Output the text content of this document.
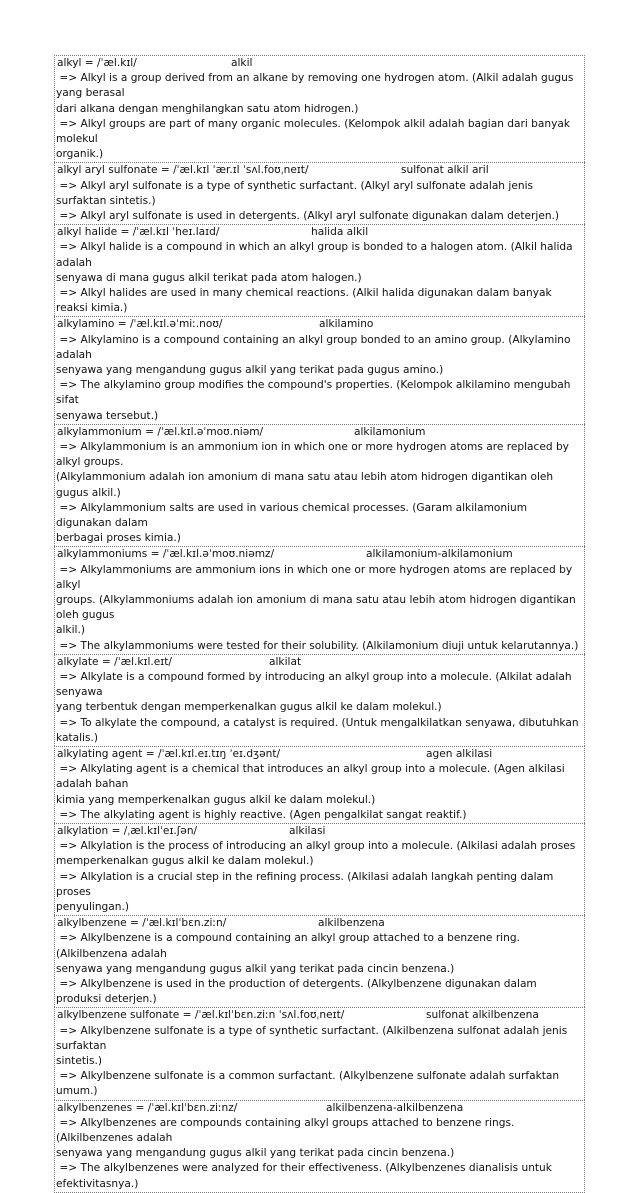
alkyl = /ˈæl.kɪl/	alkil
=> Alkyl is a group derived from an alkane by removing one hydrogen atom. (Alkil adalah gugus yang berasal
dari alkana dengan menghilangkan satu atom hidrogen.)
=> Alkyl groups are part of many organic molecules. (Kelompok alkil adalah bagian dari banyak molekul
organik.)
alkyl aryl sulfonate = /ˈæl.kɪl ˈær.ɪl ˈsʌl.foʊˌneɪt/	sulfonat alkil aril
=> Alkyl aryl sulfonate is a type of synthetic surfactant. (Alkyl aryl sulfonate adalah jenis surfaktan sintetis.)
=> Alkyl aryl sulfonate is used in detergents. (Alkyl aryl sulfonate digunakan dalam deterjen.)
alkyl halide = /ˈæl.kɪl ˈheɪ.laɪd/	halida alkil
=> Alkyl halide is a compound in which an alkyl group is bonded to a halogen atom. (Alkil halida adalah
senyawa di mana gugus alkil terikat pada atom halogen.)
=> Alkyl halides are used in many chemical reactions. (Alkil halida digunakan dalam banyak reaksi kimia.)
alkylamino = /ˈæl.kɪl.əˈmiː.noʊ/	alkilamino
=> Alkylamino is a compound containing an alkyl group bonded to an amino group. (Alkylamino adalah
senyawa yang mengandung gugus alkil yang terikat pada gugus amino.)
=> The alkylamino group modifies the compound's properties. (Kelompok alkilamino mengubah sifat
senyawa tersebut.)
alkylammonium = /ˈæl.kɪl.əˈmoʊ.niəm/	alkilamonium
=> Alkylammonium is an ammonium ion in which one or more hydrogen atoms are replaced by alkyl groups.
(Alkylammonium adalah ion amonium di mana satu atau lebih atom hidrogen digantikan oleh gugus alkil.)
=> Alkylammonium salts are used in various chemical processes. (Garam alkilamonium digunakan dalam
berbagai proses kimia.)
alkylammoniums = /ˈæl.kɪl.əˈmoʊ.niəmz/	alkilamonium-alkilamonium
=> Alkylammoniums are ammonium ions in which one or more hydrogen atoms are replaced by alkyl
groups. (Alkylammoniums adalah ion amonium di mana satu atau lebih atom hidrogen digantikan oleh gugus
alkil.)
=> The alkylammoniums were tested for their solubility. (Alkilamonium diuji untuk kelarutannya.)
alkylate = /ˈæl.kɪl.eɪt/	alkilat
=> Alkylate is a compound formed by introducing an alkyl group into a molecule. (Alkilat adalah senyawa
yang terbentuk dengan memperkenalkan gugus alkil ke dalam molekul.)
=> To alkylate the compound, a catalyst is required. (Untuk mengalkilatkan senyawa, dibutuhkan katalis.)
alkylating agent = /ˈæl.kɪl.eɪ.tɪŋ ˈeɪ.dʒənt/	agen alkilasi
=> Alkylating agent is a chemical that introduces an alkyl group into a molecule. (Agen alkilasi adalah bahan
kimia yang memperkenalkan gugus alkil ke dalam molekul.)
=> The alkylating agent is highly reactive. (Agen pengalkilat sangat reaktif.)
alkylation = /ˌæl.kɪlˈeɪ.ʃən/	alkilasi
=> Alkylation is the process of introducing an alkyl group into a molecule. (Alkilasi adalah proses
memperkenalkan gugus alkil ke dalam molekul.)
=> Alkylation is a crucial step in the refining process. (Alkilasi adalah langkah penting dalam proses
penyulingan.)
alkylbenzene = /ˈæl.kɪlˈbɛn.ziːn/	alkilbenzena
=> Alkylbenzene is a compound containing an alkyl group attached to a benzene ring. (Alkilbenzena adalah
senyawa yang mengandung gugus alkil yang terikat pada cincin benzena.)
=> Alkylbenzene is used in the production of detergents. (Alkylbenzene digunakan dalam produksi deterjen.)
alkylbenzene sulfonate = /ˈæl.kɪlˈbɛn.ziːn ˈsʌl.foʊˌneɪt/	sulfonat alkilbenzena
=> Alkylbenzene sulfonate is a type of synthetic surfactant. (Alkilbenzena sulfonat adalah jenis surfaktan
sintetis.)
=> Alkylbenzene sulfonate is a common surfactant. (Alkylbenzene sulfonate adalah surfaktan umum.)
alkylbenzenes = /ˈæl.kɪlˈbɛn.ziːnz/	alkilbenzena-alkilbenzena
=> Alkylbenzenes are compounds containing alkyl groups attached to benzene rings. (Alkilbenzenes adalah
senyawa yang mengandung gugus alkil yang terikat pada cincin benzena.)
=> The alkylbenzenes were analyzed for their effectiveness. (Alkylbenzenes dianalisis untuk efektivitasnya.)
